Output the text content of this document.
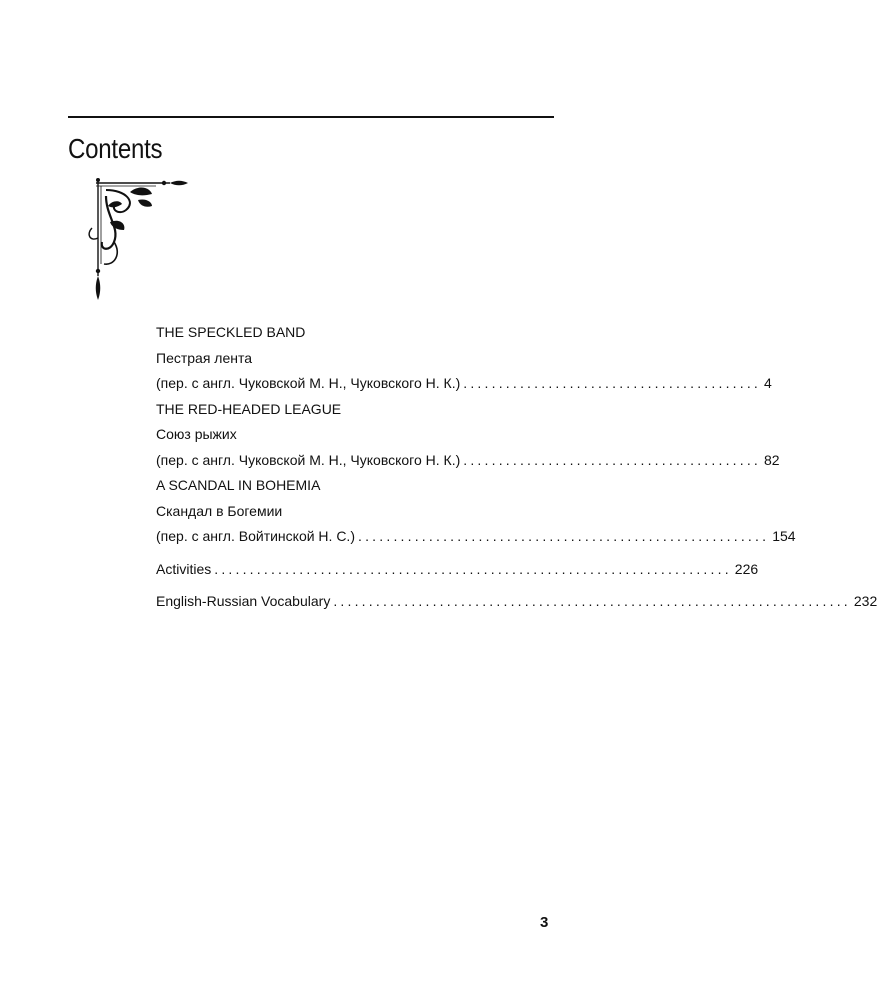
Contents
THE SPECKLED BAND
Пестрая лента
(пер. с англ. Чуковской М. Н., Чуковского Н. К.) .......................................... 4
THE RED-HEADED LEAGUE
Союз рыжих
(пер. с англ. Чуковской М. Н., Чуковского Н. К.) .......................................... 82
A SCANDAL IN BOHEMIA
Скандал в Богемии
(пер. с англ. Войтинской Н. С.) .......................................................... 154
Activities ......................................................................... 226
English-Russian Vocabulary ......................................................................... 232
3
